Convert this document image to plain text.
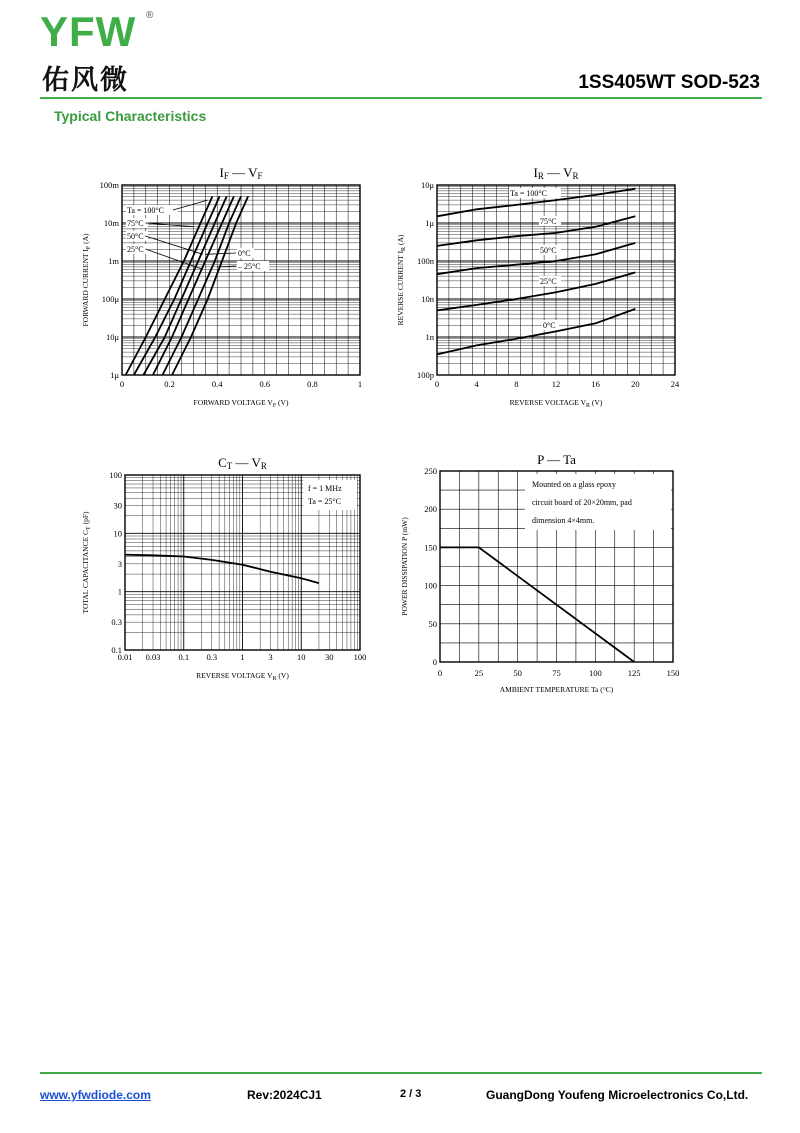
YFW ®
佑风微	1SS405WT SOD-523
Typical Characteristics
IF — VF
0	0.2	0.4	0.6	0.8	1
1μ
10μ
100μ
1m
10m
100m
FORWARD VOLTAGE VF (V)
FORWARD CURRENT IF (A)
Ta = 100°C
75°C
50°C
25°C	0°C
– 25°C
IR — VR
0	4	8	12	16	20	24
100p
1n
10n
100n
1μ
10μ
REVERSE VOLTAGE VR (V)
REVERSE CURRENT IR (A)
Ta = 100°C
75°C
50°C
25°C
0°C
CT — VR
0.01 0.03 0.1 0.3	1	3	10 30 100
0.1
0.3
1
3
10
30
100
REVERSE VOLTAGE VR (V)
TOTAL CAPACITANCE CT (pF)
f = 1 MHz
Ta = 25°C
P — Ta
0	25	50	75	100	125	150
0
50
100
150
200
250
AMBIENT TEMPERATURE Ta (°C)
POWER DISSIPATION P (mW)
Mounted on a glass epoxy
circuit board of 20×20mm, pad
dimension 4×4mm.
www.yfwdiode.com	Rev:2024CJ1	2 / 3	GuangDong Youfeng Microelectronics Co,Ltd.
